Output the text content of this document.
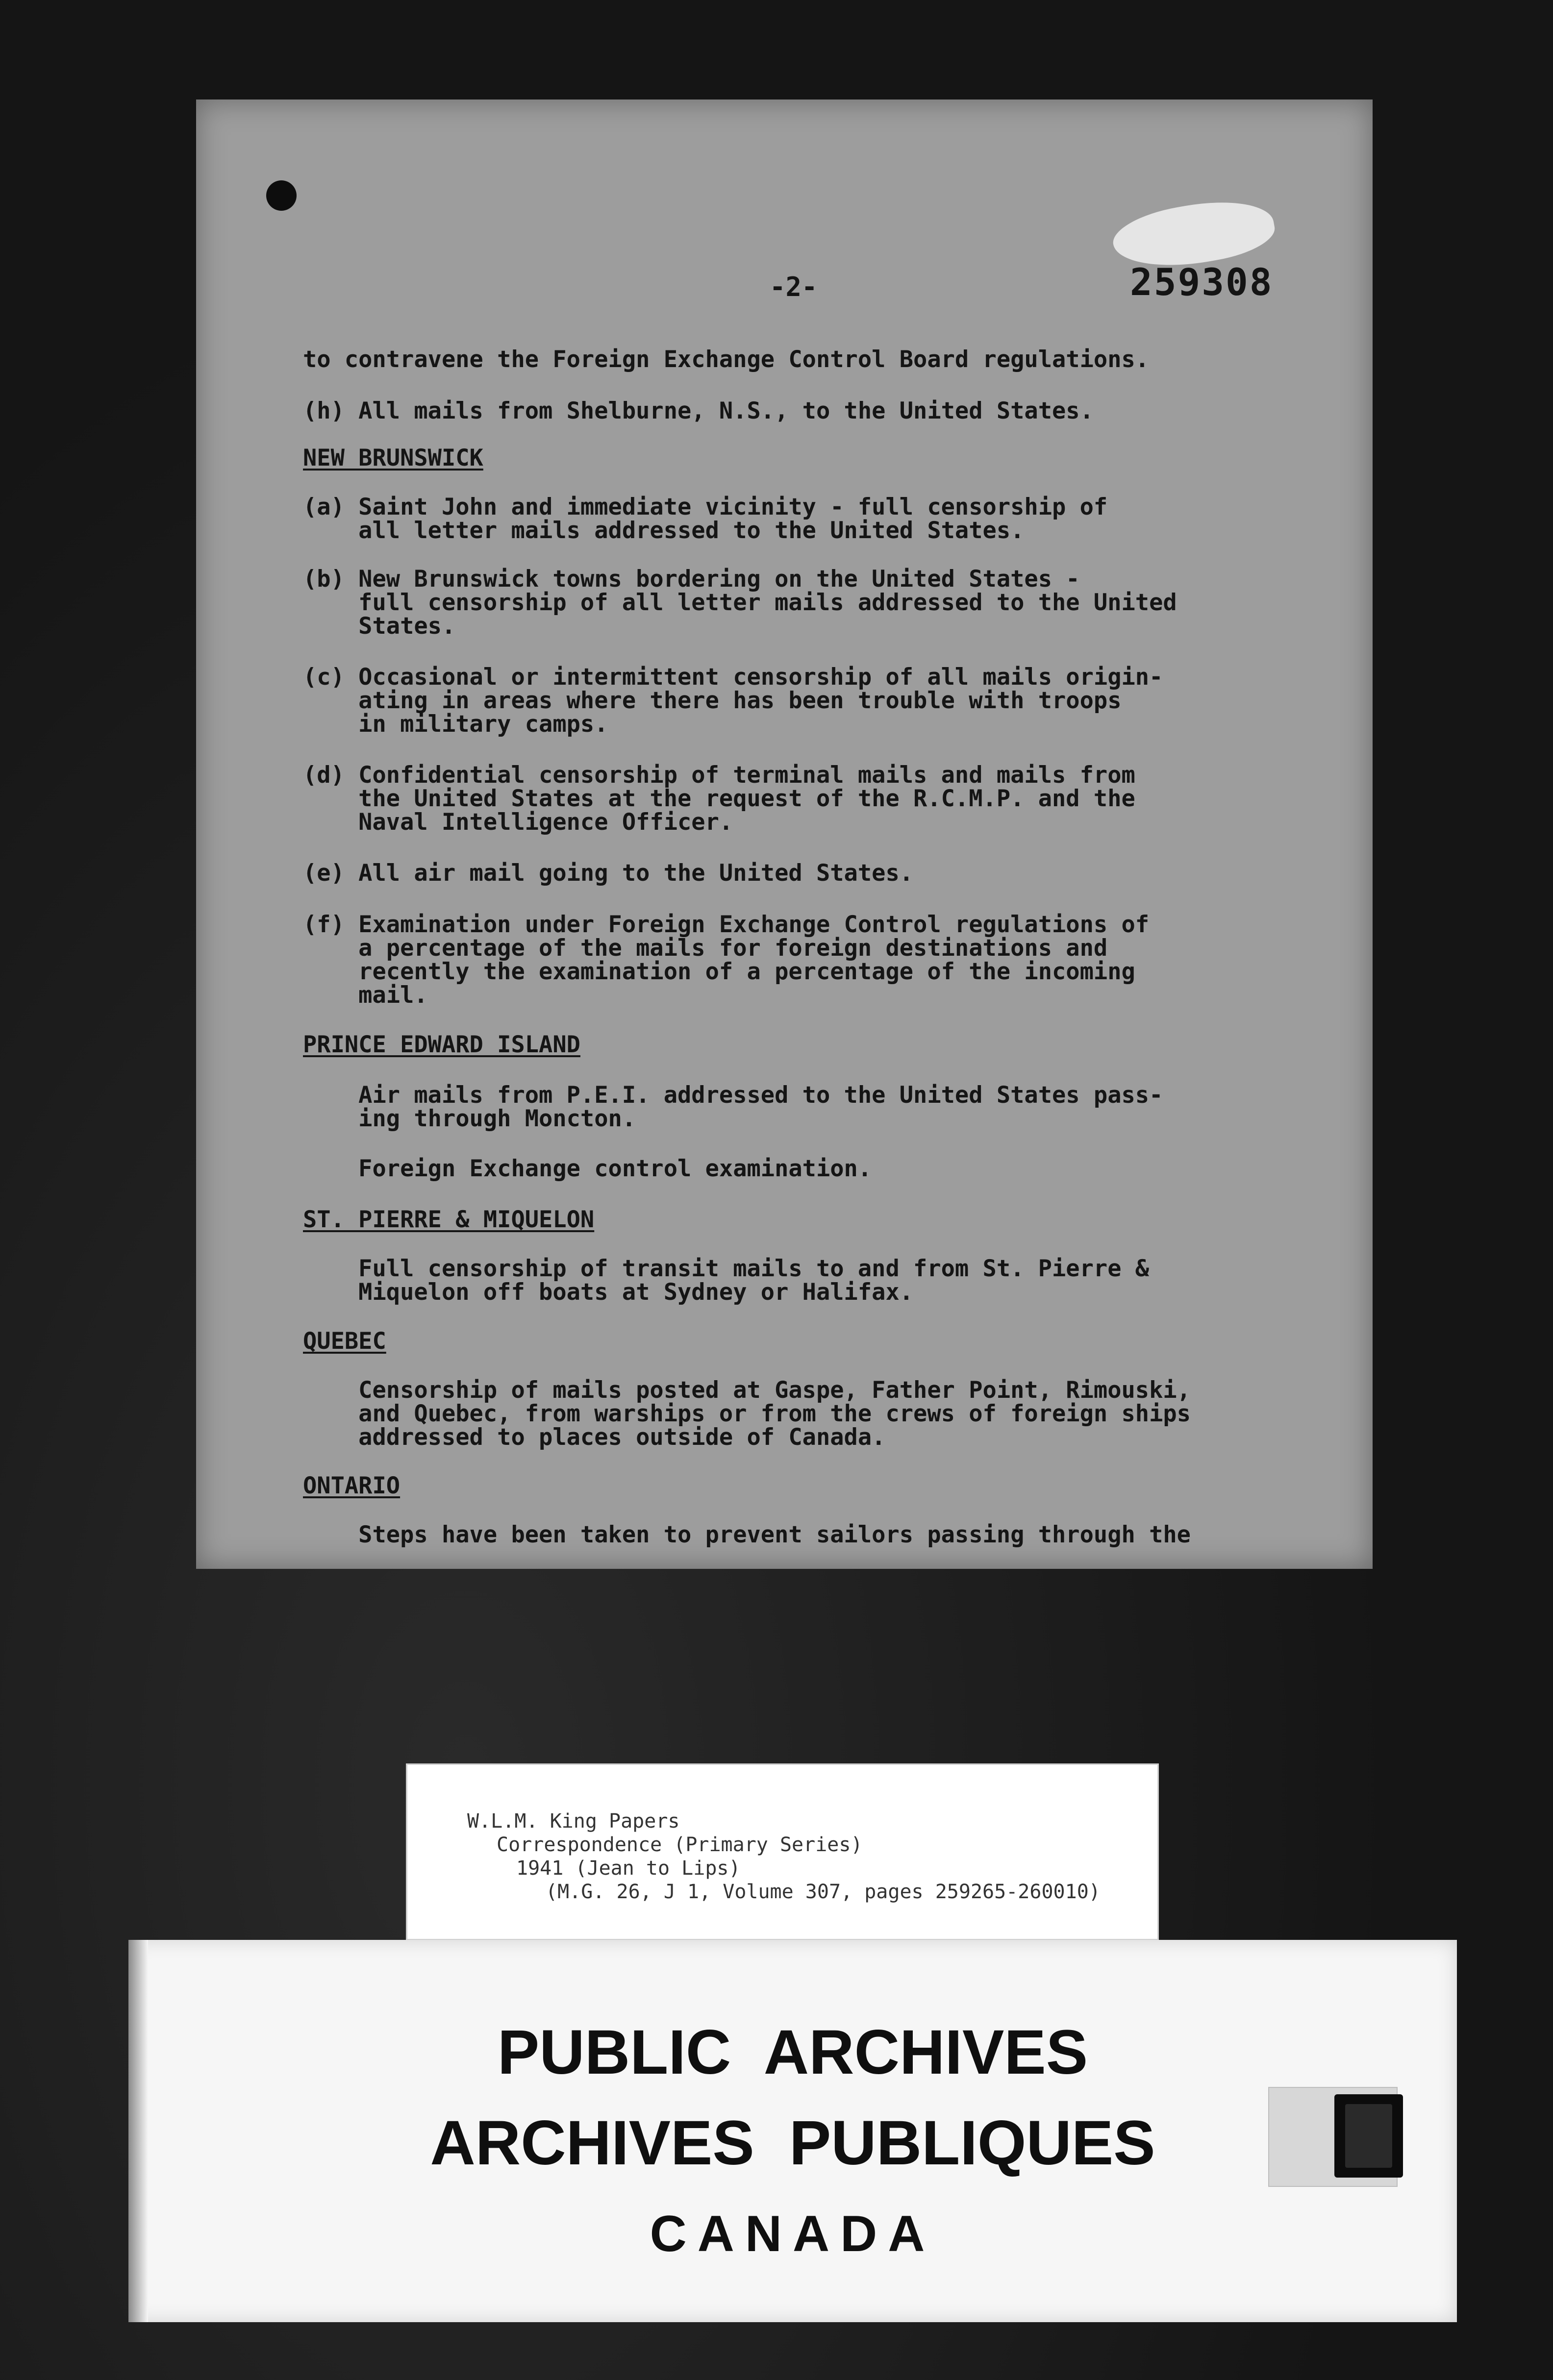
-2-	259308
to contravene the Foreign Exchange Control Board regulations.
(h) All mails from Shelburne, N.S., to the United States.
NEW BRUNSWICK
(a) Saint John and immediate vicinity - full censorship of
all letter mails addressed to the United States.
(b) New Brunswick towns bordering on the United States -
full censorship of all letter mails addressed to the United
States.
(c) Occasional or intermittent censorship of all mails origin-
ating in areas where there has been trouble with troops
in military camps.
(d) Confidential censorship of terminal mails and mails from
the United States at the request of the R.C.M.P. and the
Naval Intelligence Officer.
(e) All air mail going to the United States.
(f) Examination under Foreign Exchange Control regulations of
a percentage of the mails for foreign destinations and
recently the examination of a percentage of the incoming
mail.
PRINCE EDWARD ISLAND
Air mails from P.E.I. addressed to the United States pass-
ing through Moncton.
Foreign Exchange control examination.
ST. PIERRE & MIQUELON
Full censorship of transit mails to and from St. Pierre &
Miquelon off boats at Sydney or Halifax.
QUEBEC
Censorship of mails posted at Gaspe, Father Point, Rimouski,
and Quebec, from warships or from the crews of foreign ships
addressed to places outside of Canada.
ONTARIO
Steps have been taken to prevent sailors passing through the
W.L.M. King Papers
Correspondence (Primary Series)
1941 (Jean to Lips)
(M.G. 26, J 1, Volume 307, pages 259265-260010)
PUBLIC  ARCHIVES
ARCHIVES  PUBLIQUES
CANADA
